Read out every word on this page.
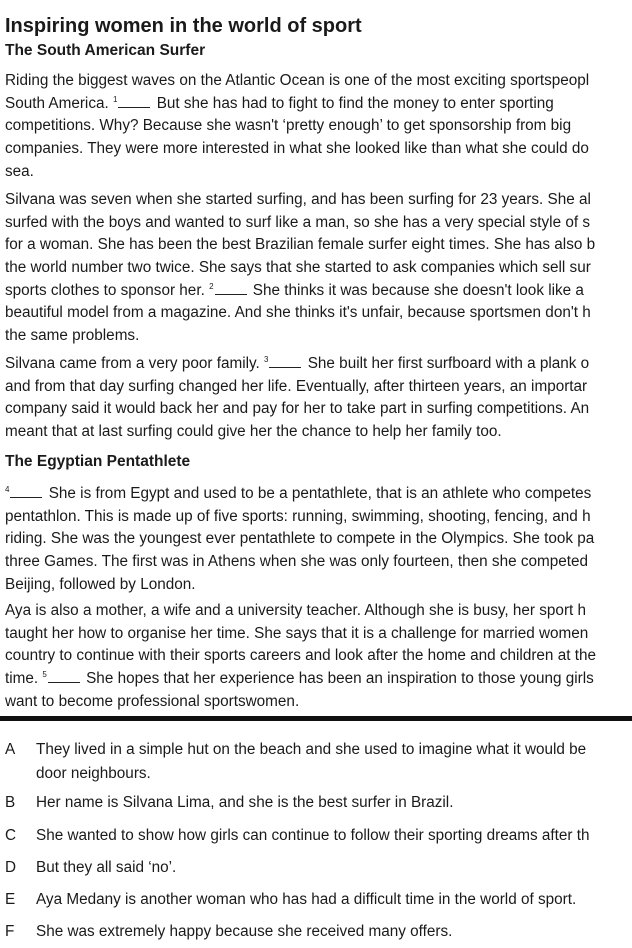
Inspiring women in the world of sport
The South American Surfer
Riding the biggest waves on the Atlantic Ocean is one of the most exciting sportspeopl
South America. $^1$	But she has had to fight to find the money to enter sporting
competitions. Why? Because she wasn't ‘pretty enough’ to get sponsorship from big
companies. They were more interested in what she looked like than what she could do
sea.
Silvana was seven when she started surfing, and has been surfing for 23 years. She al
surfed with the boys and wanted to surf like a man, so she has a very special style of s
for a woman. She has been the best Brazilian female surfer eight times. She has also b
the world number two twice. She says that she started to ask companies which sell sur
sports clothes to sponsor her. $^2$	She thinks it was because she doesn't look like a
beautiful model from a magazine. And she thinks it's unfair, because sportsmen don't h
the same problems.
Silvana came from a very poor family. $^3$	She built her first surfboard with a plank o
and from that day surfing changed her life. Eventually, after thirteen years, an importar
company said it would back her and pay for her to take part in surfing competitions. An
meant that at last surfing could give her the chance to help her family too.
The Egyptian Pentathlete
$^4$	She is from Egypt and used to be a pentathlete, that is an athlete who competes
pentathlon. This is made up of five sports: running, swimming, shooting, fencing, and h
riding. She was the youngest ever pentathlete to compete in the Olympics. She took pa
three Games. The first was in Athens when she was only fourteen, then she competed
Beijing, followed by London.
Aya is also a mother, a wife and a university teacher. Although she is busy, her sport h
taught her how to organise her time. She says that it is a challenge for married women
country to continue with their sports careers and look after the home and children at the
time. $^5$	She hopes that her experience has been an inspiration to those young girls
want to become professional sportswomen.
A They lived in a simple hut on the beach and she used to imagine what it would be
door neighbours.
B Her name is Silvana Lima, and she is the best surfer in Brazil.
C She wanted to show how girls can continue to follow their sporting dreams after th
D But they all said ‘no’.
E Aya Medany is another woman who has had a difficult time in the world of sport.
F She was extremely happy because she received many offers.
